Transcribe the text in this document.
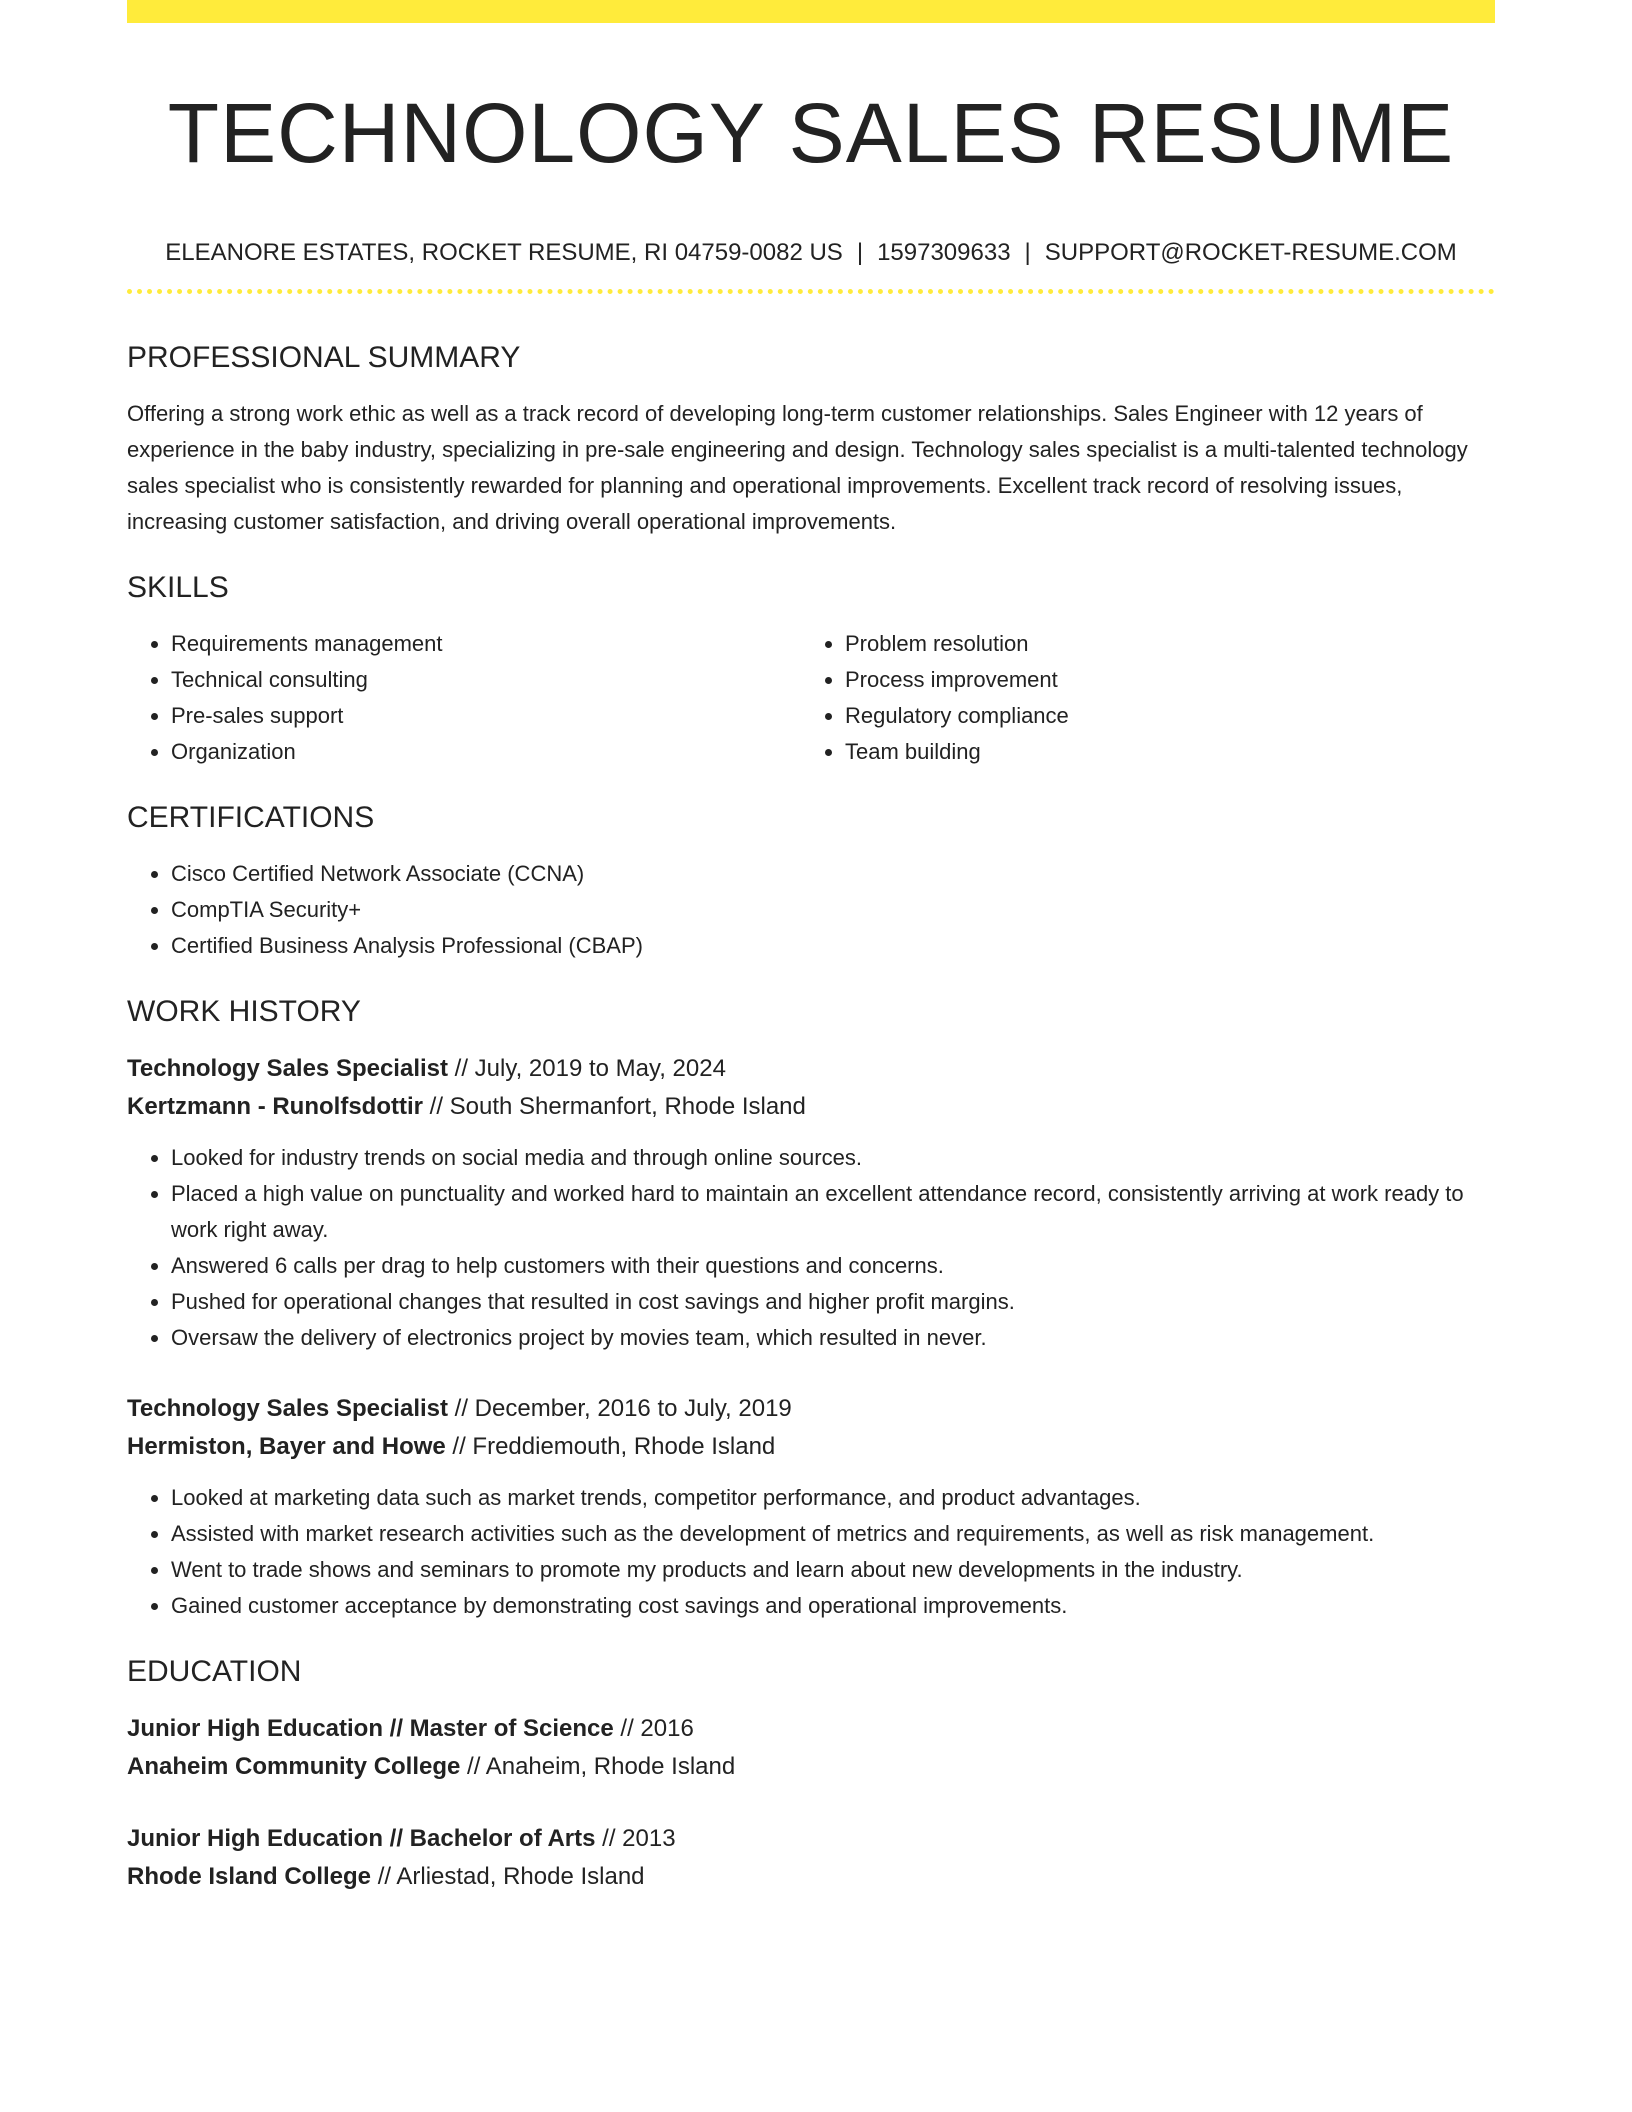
TECHNOLOGY SALES RESUME
ELEANORE ESTATES, ROCKET RESUME, RI 04759-0082 US | 1597309633 | SUPPORT@ROCKET-RESUME.COM
PROFESSIONAL SUMMARY

Offering a strong work ethic as well as a track record of developing long-term customer relationships. Sales Engineer with 12 years of experience in the baby industry, specializing in pre-sale engineering and design. Technology sales specialist is a multi-talented technology sales specialist who is consistently rewarded for planning and operational improvements. Excellent track record of resolving issues, increasing customer satisfaction, and driving overall operational improvements.

SKILLS
• Requirements management
• Technical consulting
• Pre-sales support
• Organization
• Problem resolution
• Process improvement
• Regulatory compliance
• Team building
CERTIFICATIONS
• Cisco Certified Network Associate (CCNA)
• CompTIA Security+
• Certified Business Analysis Professional (CBAP)
WORK HISTORY
Technology Sales Specialist // July, 2019 to May, 2024
Kertzmann - Runolfsdottir // South Shermanfort, Rhode Island
• Looked for industry trends on social media and through online sources.
• Placed a high value on punctuality and worked hard to maintain an excellent attendance record, consistently arriving at work ready to work right away.
• Answered 6 calls per drag to help customers with their questions and concerns.
• Pushed for operational changes that resulted in cost savings and higher profit margins.
• Oversaw the delivery of electronics project by movies team, which resulted in never.
Technology Sales Specialist // December, 2016 to July, 2019
Hermiston, Bayer and Howe // Freddiemouth, Rhode Island
• Looked at marketing data such as market trends, competitor performance, and product advantages.
• Assisted with market research activities such as the development of metrics and requirements, as well as risk management.
• Went to trade shows and seminars to promote my products and learn about new developments in the industry.
• Gained customer acceptance by demonstrating cost savings and operational improvements.
EDUCATION
Junior High Education // Master of Science // 2016
Anaheim Community College // Anaheim, Rhode Island
Junior High Education // Bachelor of Arts // 2013
Rhode Island College // Arliestad, Rhode Island
